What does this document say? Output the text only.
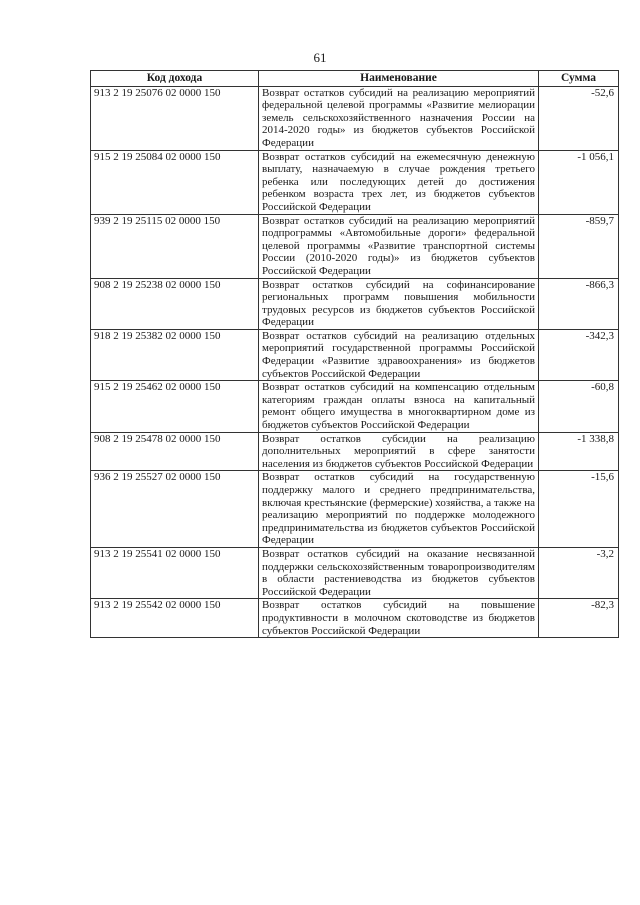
61
Код дохода	Наименование	Сумма
913 2 19 25076 02 0000 150	Возврат остатков субсидий на реализацию мероприятий федеральной целевой программы «Развитие мелиорации земель сельскохозяйственного назначения России на 2014-2020 годы» из бюджетов субъектов Российской Федерации	-52,6
915 2 19 25084 02 0000 150	Возврат остатков субсидий на ежемесячную денежную выплату, назначаемую в случае рождения третьего ребенка или последующих детей до достижения ребенком возраста трех лет, из бюджетов субъектов Российской Федерации	-1 056,1
939 2 19 25115 02 0000 150	Возврат остатков субсидий на реализацию мероприятий подпрограммы «Автомобильные дороги» федеральной целевой программы «Развитие транспортной системы России (2010-2020 годы)» из бюджетов субъектов Российской Федерации	-859,7
908 2 19 25238 02 0000 150	Возврат остатков субсидий на софинансирование региональных программ повышения мобильности трудовых ресурсов из бюджетов субъектов Российской Федерации	-866,3
918 2 19 25382 02 0000 150	Возврат остатков субсидий на реализацию отдельных мероприятий государственной программы Российской Федерации «Развитие здравоохранения» из бюджетов субъектов Российской Федерации	-342,3
915 2 19 25462 02 0000 150	Возврат остатков субсидий на компенсацию отдельным категориям граждан оплаты взноса на капитальный ремонт общего имущества в многоквартирном доме из бюджетов субъектов Российской Федерации	-60,8
908 2 19 25478 02 0000 150	Возврат остатков субсидии на реализацию дополнительных мероприятий в сфере занятости населения из бюджетов субъектов Российской Федерации	-1 338,8
936 2 19 25527 02 0000 150	Возврат остатков субсидий на государственную поддержку малого и среднего предпринимательства, включая крестьянские (фермерские) хозяйства, а также на реализацию мероприятий по поддержке молодежного предпринимательства из бюджетов субъектов Российской Федерации	-15,6
913 2 19 25541 02 0000 150	Возврат остатков субсидий на оказание несвязанной поддержки сельскохозяйственным товаропроизводителям в области растениеводства из бюджетов субъектов Российской Федерации	-3,2
913 2 19 25542 02 0000 150	Возврат остатков субсидий на повышение продуктивности в молочном скотоводстве из бюджетов субъектов Российской Федерации	-82,3
